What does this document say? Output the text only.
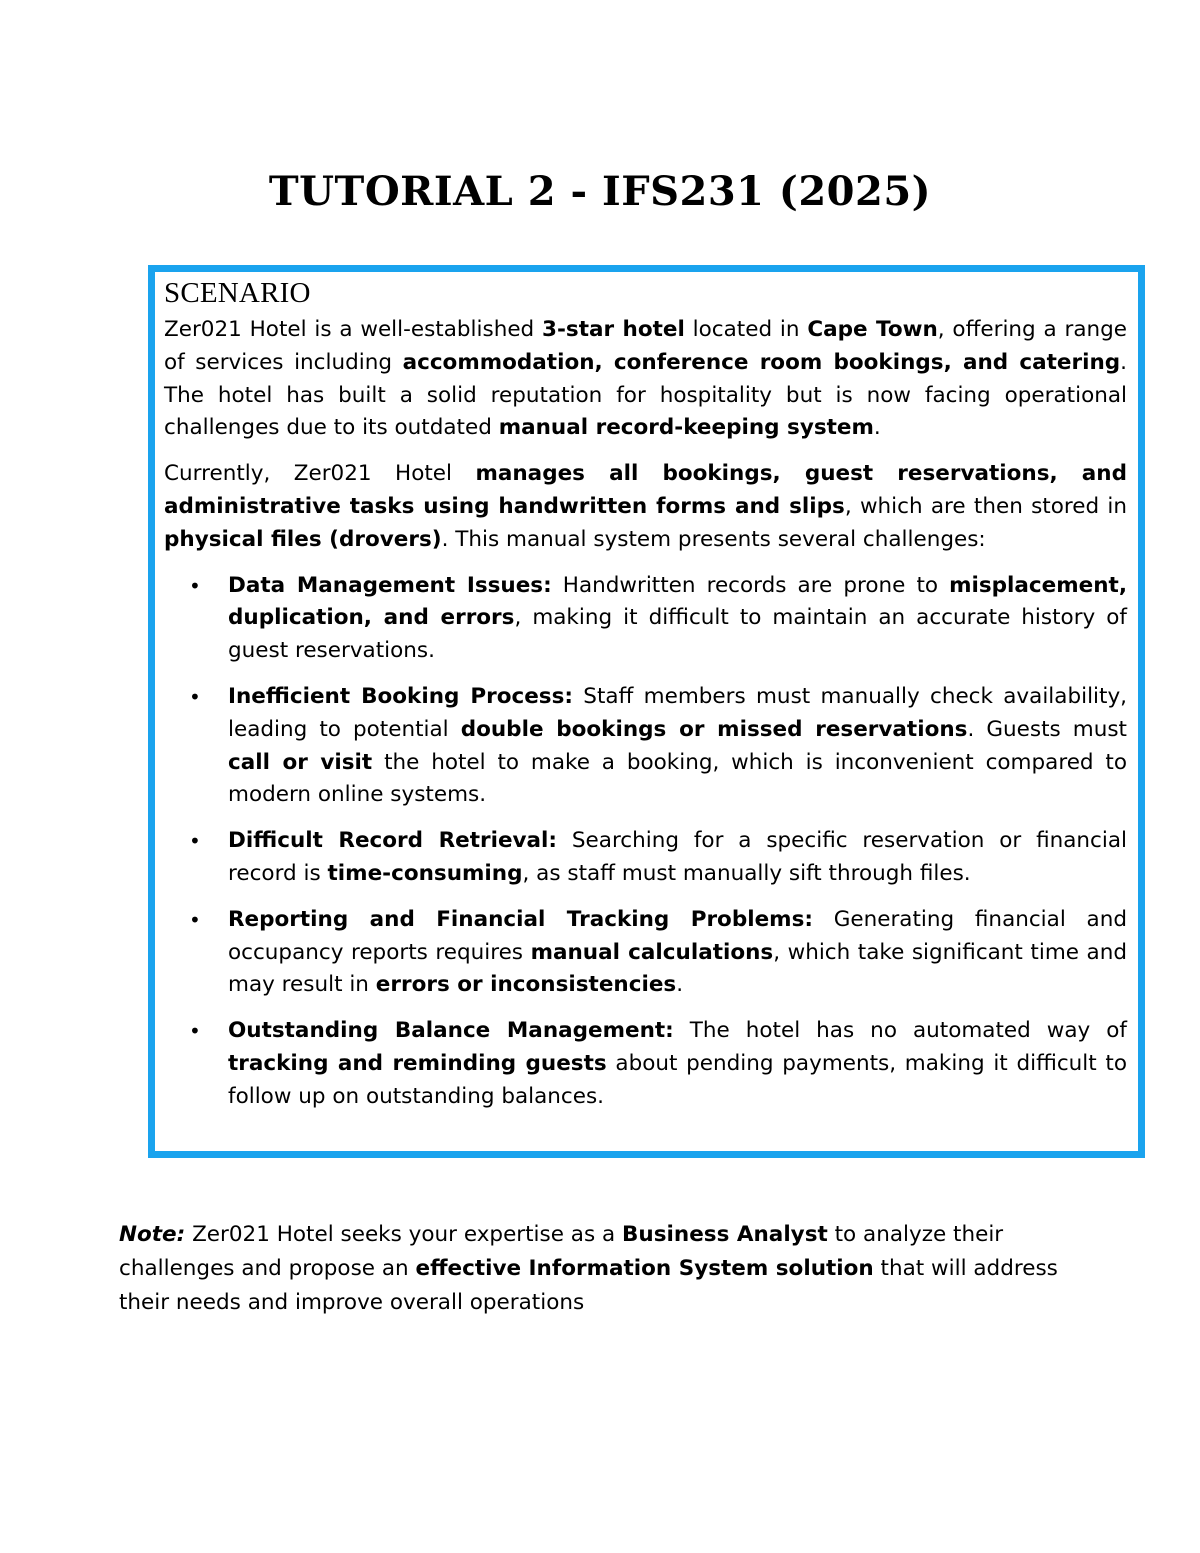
TUTORIAL 2 - IFS231 (2025)
SCENARIO

Zer021 Hotel is a well-established 3-star hotel located in Cape Town, offering a range of services including accommodation, conference room bookings, and catering. The hotel has built a solid reputation for hospitality but is now facing operational challenges due to its outdated manual record-keeping system.

Currently, Zer021 Hotel manages all bookings, guest reservations, and administrative tasks using handwritten forms and slips, which are then stored in physical files (drovers). This manual system presents several challenges:

• Data Management Issues: Handwritten records are prone to misplacement, duplication, and errors, making it difficult to maintain an accurate history of guest reservations.
• Inefficient Booking Process: Staff members must manually check availability, leading to potential double bookings or missed reservations. Guests must call or visit the hotel to make a booking, which is inconvenient compared to modern online systems.
• Difficult Record Retrieval: Searching for a specific reservation or financial record is time-consuming, as staff must manually sift through files.
• Reporting and Financial Tracking Problems: Generating financial and occupancy reports requires manual calculations, which take significant time and may result in errors or inconsistencies.
• Outstanding Balance Management: The hotel has no automated way of tracking and reminding guests about pending payments, making it difficult to follow up on outstanding balances.

Note: Zer021 Hotel seeks your expertise as a Business Analyst to analyze their challenges and propose an effective Information System solution that will address their needs and improve overall operations
